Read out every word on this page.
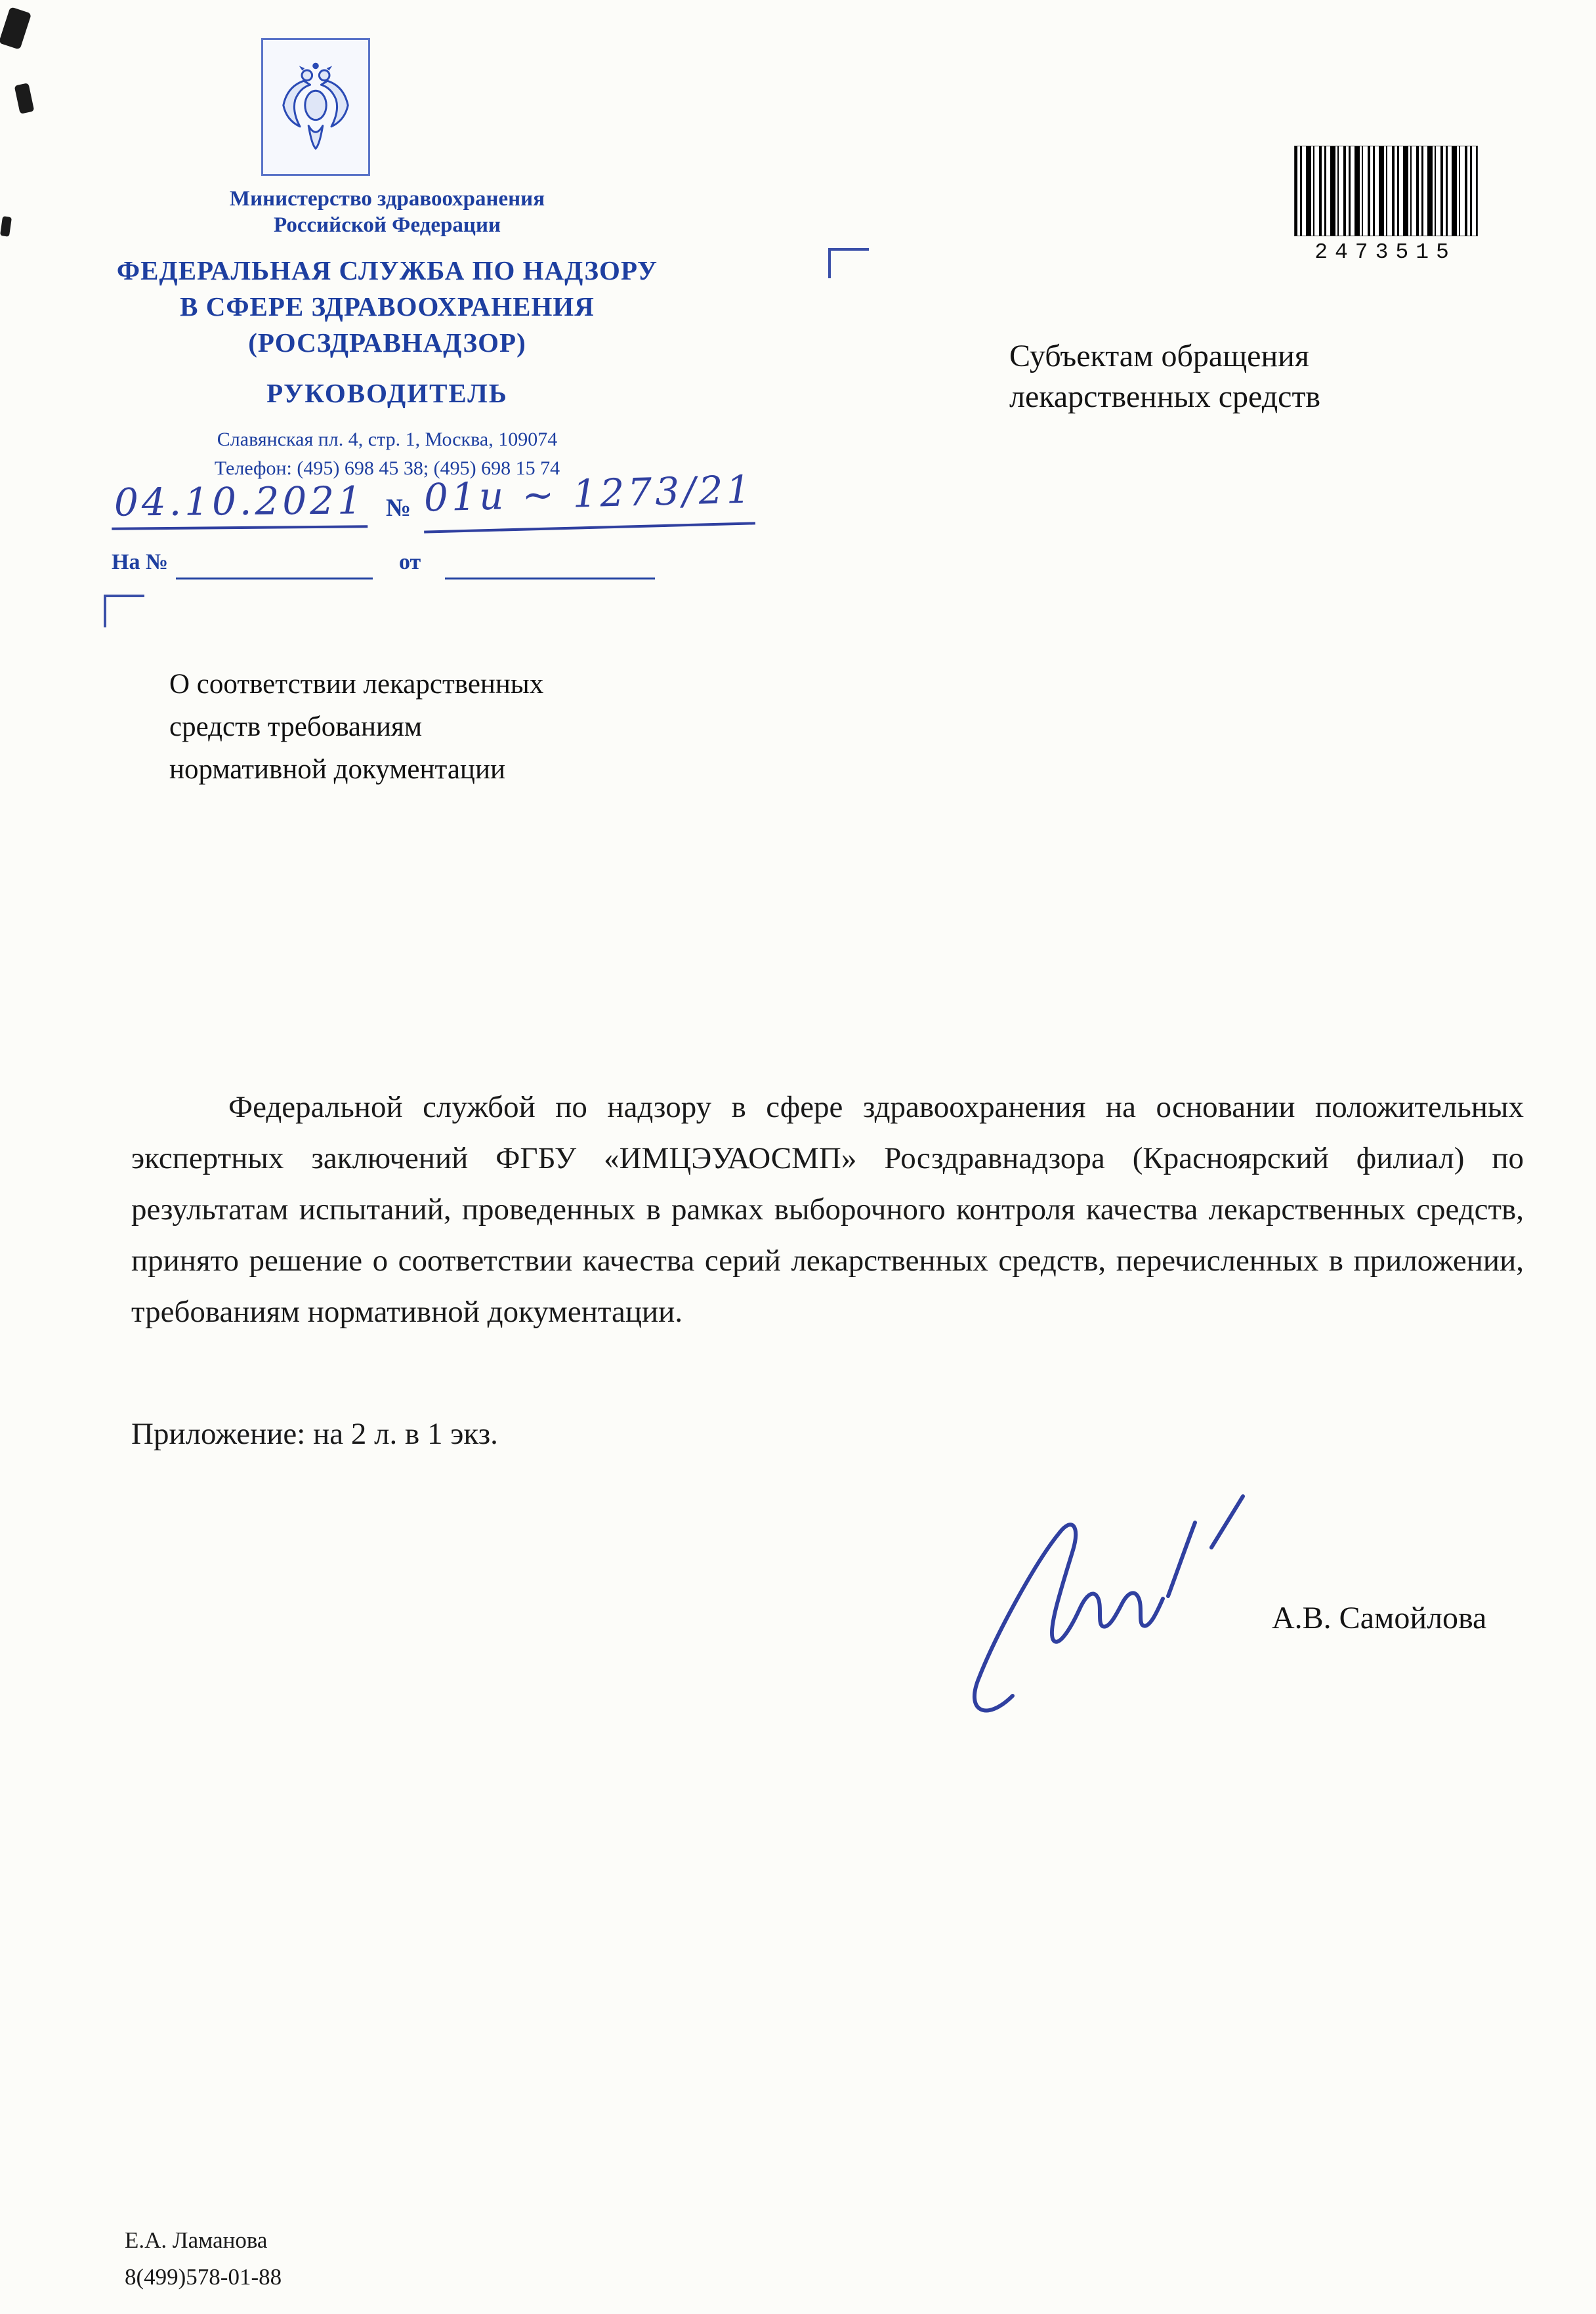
Министерство здравоохранения
Российской Федерации
ФЕДЕРАЛЬНАЯ СЛУЖБА ПО НАДЗОРУ
В СФЕРЕ ЗДРАВООХРАНЕНИЯ
(РОСЗДРАВНАДЗОР)
РУКОВОДИТЕЛЬ
Славянская пл. 4, стр. 1, Москва, 109074
Телефон: (495) 698 45 38; (495) 698 15 74
04.10.2021 № 01и ~ 1273/21
На №	от
2473515
Субъектам обращения
лекарственных средств
О соответствии лекарственных
средств требованиям
нормативной документации
Федеральной службой по надзору в сфере здравоохранения на основании положительных экспертных заключений ФГБУ «ИМЦЭУАОСМП» Росздравнадзора (Красноярский филиал) по результатам испытаний, проведенных в рамках выборочного контроля качества лекарственных средств, принято решение о соответствии качества серий лекарственных средств, перечисленных в приложении, требованиям нормативной документации.
Приложение: на 2 л. в 1 экз.
А.В. Самойлова
Е.А. Ламанова
8(499)578-01-88
